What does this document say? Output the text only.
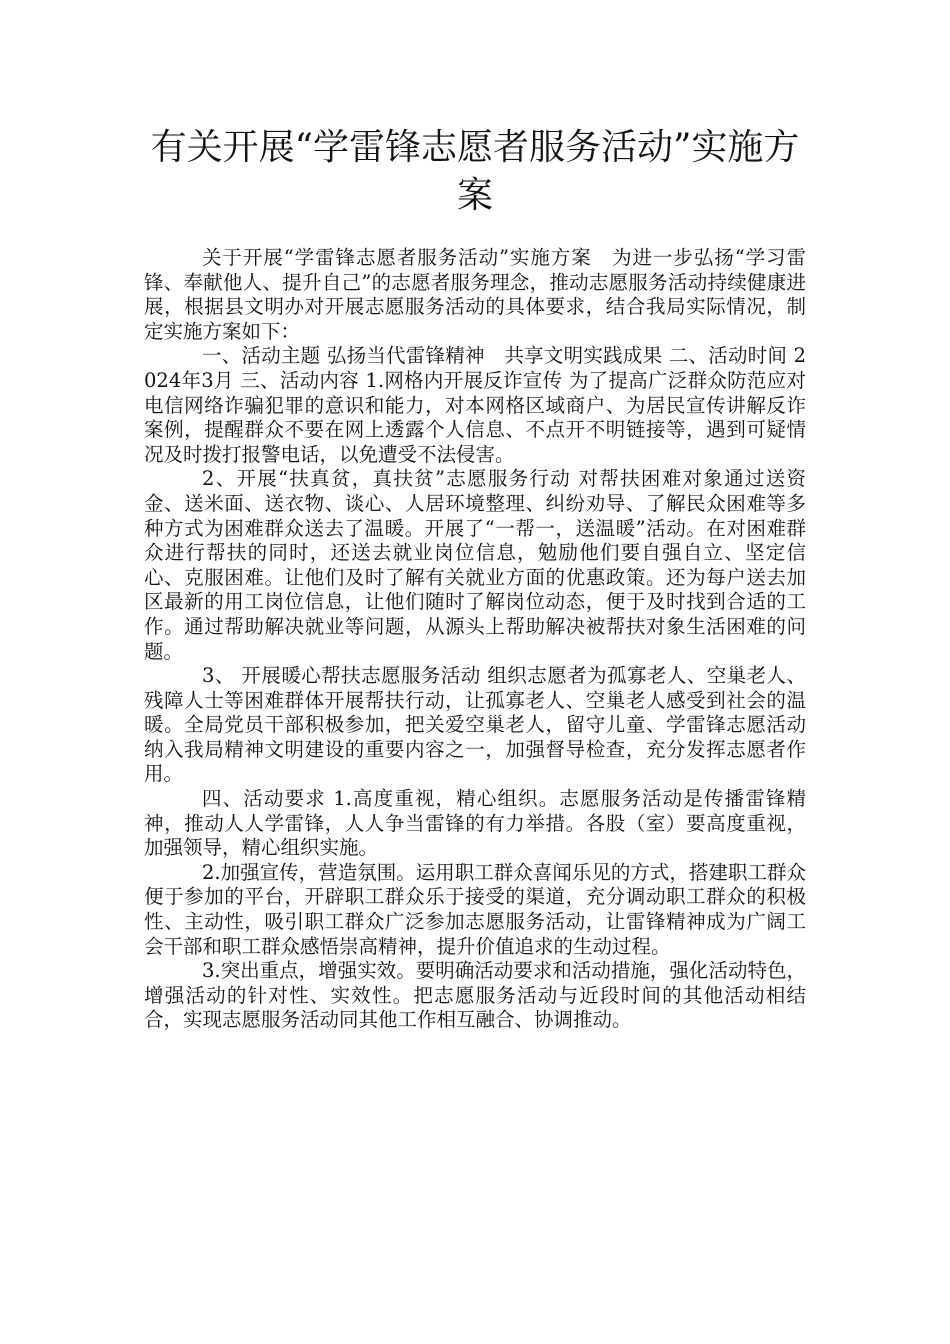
有关开展“学雷锋志愿者服务活动”实施方案

关于开展“学雷锋志愿者服务活动”实施方案　为进一步弘扬“学习雷锋、奉献他人、提升自己”的志愿者服务理念，推动志愿服务活动持续健康进展，根据县文明办对开展志愿服务活动的具体要求，结合我局实际情况，制定实施方案如下：

一、活动主题 弘扬当代雷锋精神　共享文明实践成果 二、活动时间 2024年3月 三、活动内容 1.网格内开展反诈宣传 为了提高广泛群众防范应对电信网络诈骗犯罪的意识和能力，对本网格区域商户、为居民宣传讲解反诈案例，提醒群众不要在网上透露个人信息、不点开不明链接等，遇到可疑情况及时拨打报警电话，以免遭受不法侵害。

2、开展“扶真贫，真扶贫”志愿服务行动 对帮扶困难对象通过送资金、送米面、送衣物、谈心、人居环境整理、纠纷劝导、了解民众困难等多种方式为困难群众送去了温暖。开展了“一帮一，送温暖”活动。在对困难群众进行帮扶的同时，还送去就业岗位信息，勉励他们要自强自立、坚定信心、克服困难。让他们及时了解有关就业方面的优惠政策。还为每户送去加区最新的用工岗位信息，让他们随时了解岗位动态，便于及时找到合适的工作。通过帮助解决就业等问题，从源头上帮助解决被帮扶对象生活困难的问题。

3、 开展暖心帮扶志愿服务活动 组织志愿者为孤寡老人、空巢老人、残障人士等困难群体开展帮扶行动，让孤寡老人、空巢老人感受到社会的温暖。全局党员干部积极参加，把关爱空巢老人，留守儿童、学雷锋志愿活动纳入我局精神文明建设的重要内容之一，加强督导检查，充分发挥志愿者作用。

四、活动要求 1.高度重视，精心组织。志愿服务活动是传播雷锋精神，推动人人学雷锋，人人争当雷锋的有力举措。各股（室）要高度重视，加强领导，精心组织实施。

2.加强宣传，营造氛围。运用职工群众喜闻乐见的方式，搭建职工群众便于参加的平台，开辟职工群众乐于接受的渠道，充分调动职工群众的积极性、主动性，吸引职工群众广泛参加志愿服务活动，让雷锋精神成为广阔工会干部和职工群众感悟崇高精神，提升价值追求的生动过程。

3.突出重点，增强实效。要明确活动要求和活动措施，强化活动特色，增强活动的针对性、实效性。把志愿服务活动与近段时间的其他活动相结合，实现志愿服务活动同其他工作相互融合、协调推动。
